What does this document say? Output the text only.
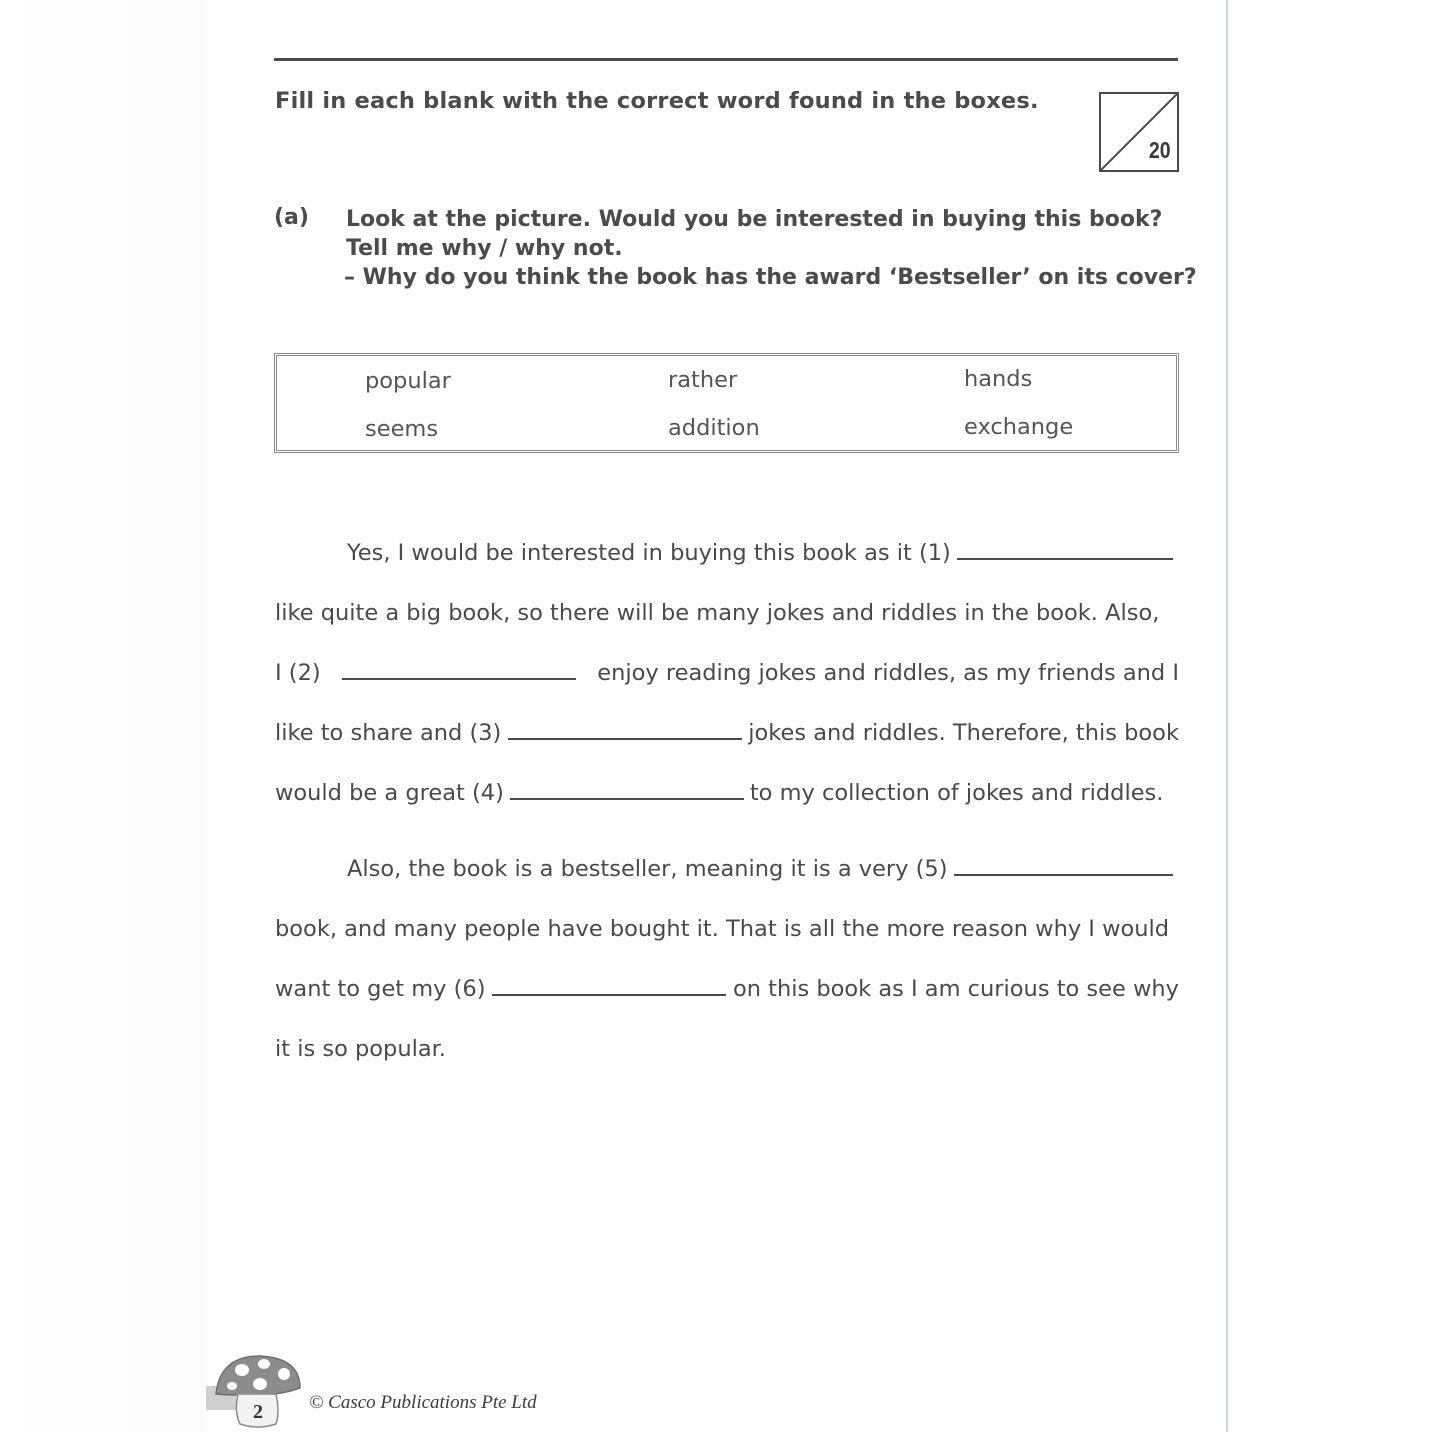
Fill in each blank with the correct word found in the boxes.
20
(a) Look at the picture. Would you be interested in buying this book?
Tell me why / why not.
– Why do you think the book has the award ‘Bestseller’ on its cover?
popular	rather	hands
seems	addition	exchange
Yes, I would be interested in buying this book as it (1)
like quite a big book, so there will be many jokes and riddles in the book. Also,
I (2)	enjoy reading jokes and riddles, as my friends and I
like to share and (3)	jokes and riddles. Therefore, this book
would be a great (4)	to my collection of jokes and riddles.
Also, the book is a bestseller, meaning it is a very (5)
book, and many people have bought it. That is all the more reason why I would
want to get my (6)	on this book as I am curious to see why
it is so popular.
2 © Casco Publications Pte Ltd
